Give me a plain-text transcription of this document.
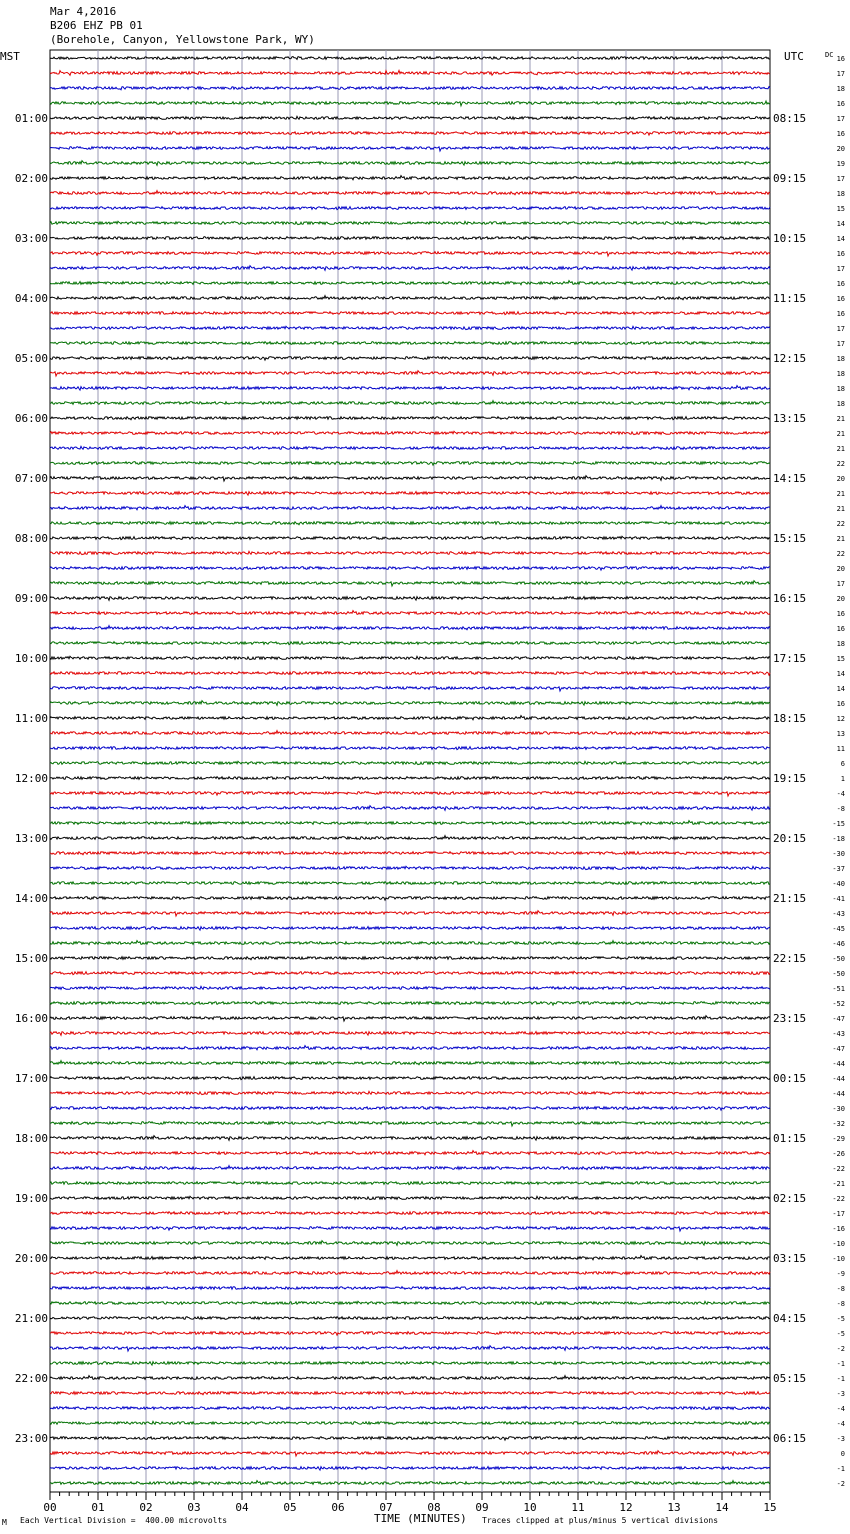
Mar 4,2016
B206 EHZ PB 01
(Borehole, Canyon, Yellowstone Park, WY)
MST	UTC	DC
01:00
02:00
03:00
04:00
05:00
06:00
07:00
08:00
09:00
10:00
11:00
12:00
13:00
14:00
15:00
16:00
17:00
18:00
19:00
20:00
21:00
22:00
23:00
08:15
09:15
10:15
11:15
12:15
13:15
14:15
15:15
16:15
17:15
18:15
19:15
20:15
21:15
22:15
23:15
00:15
01:15
02:15
03:15
04:15
05:15
06:15
16
17
18
16
17
16
20
19
17
18
15
14
14
16
17
16
16
16
17
17
18
18
18
18
21
21
21
22
20
21
21
22
21
22
20
17
20
16
16
18
15
14
14
16
12
13
11
6
1
-4
-8
-15
-18
-30
-37
-40
-41
-43
-45
-46
-50
-50
-51
-52
-47
-43
-47
-44
-44
-44
-30
-32
-29
-26
-22
-21
-22
-17
-16
-10
-10
-9
-8
-8
-5
-5
-2
-1
-1
-3
-4
-4
-3
0
-1
-2
00	01	02	03	04	05	06	07	08	09	10	11	12	13	14	15
M Each Vertical Division =  400.00 microvolts	TIME (MINUTES) Traces clipped at plus/minus 5 vertical divisions
